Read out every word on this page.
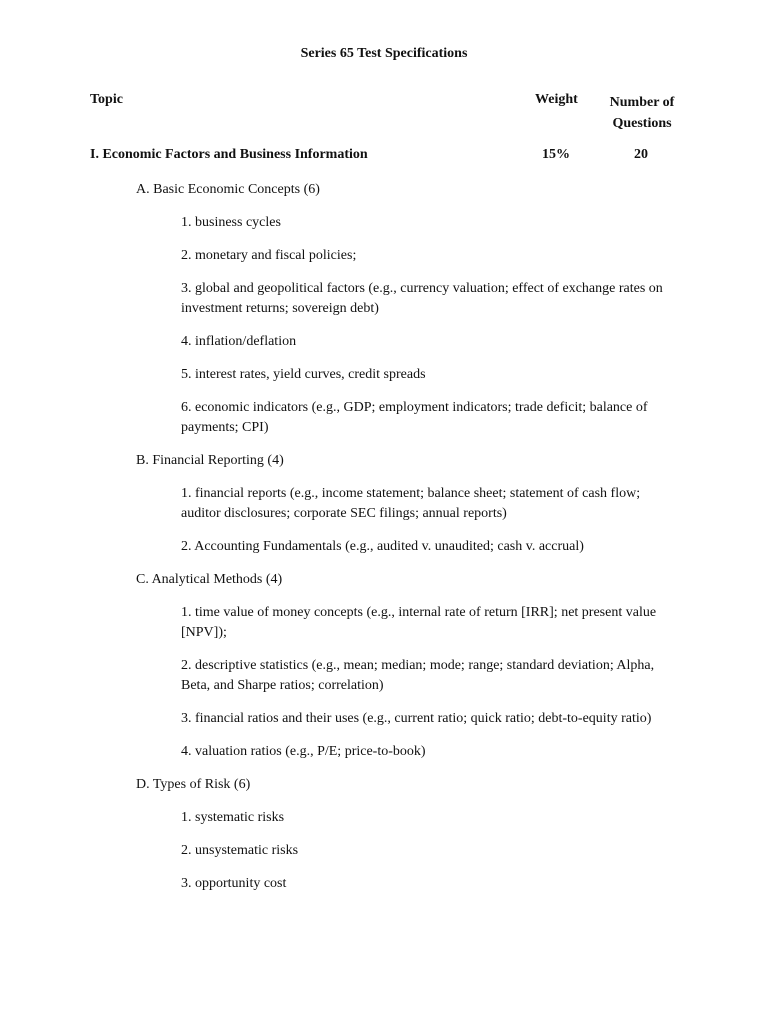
Series 65 Test Specifications
Topic	Weight	Number of Questions
I. Economic Factors and Business Information	15%	20
A. Basic Economic Concepts (6)
1. business cycles
2. monetary and fiscal policies;
3. global and geopolitical factors (e.g., currency valuation; effect of exchange rates on investment returns; sovereign debt)
4. inflation/deflation
5. interest rates, yield curves, credit spreads
6. economic indicators (e.g., GDP; employment indicators; trade deficit; balance of payments; CPI)
B. Financial Reporting (4)
1. financial reports (e.g., income statement; balance sheet; statement of cash flow; auditor disclosures; corporate SEC filings; annual reports)
2. Accounting Fundamentals (e.g., audited v. unaudited; cash v. accrual)
C. Analytical Methods (4)
1. time value of money concepts (e.g., internal rate of return [IRR]; net present value [NPV]);
2. descriptive statistics (e.g., mean; median; mode; range; standard deviation; Alpha, Beta, and Sharpe ratios; correlation)
3. financial ratios and their uses (e.g., current ratio; quick ratio; debt-to-equity ratio)
4. valuation ratios (e.g., P/E; price-to-book)
D. Types of Risk (6)
1. systematic risks
2. unsystematic risks
3. opportunity cost
